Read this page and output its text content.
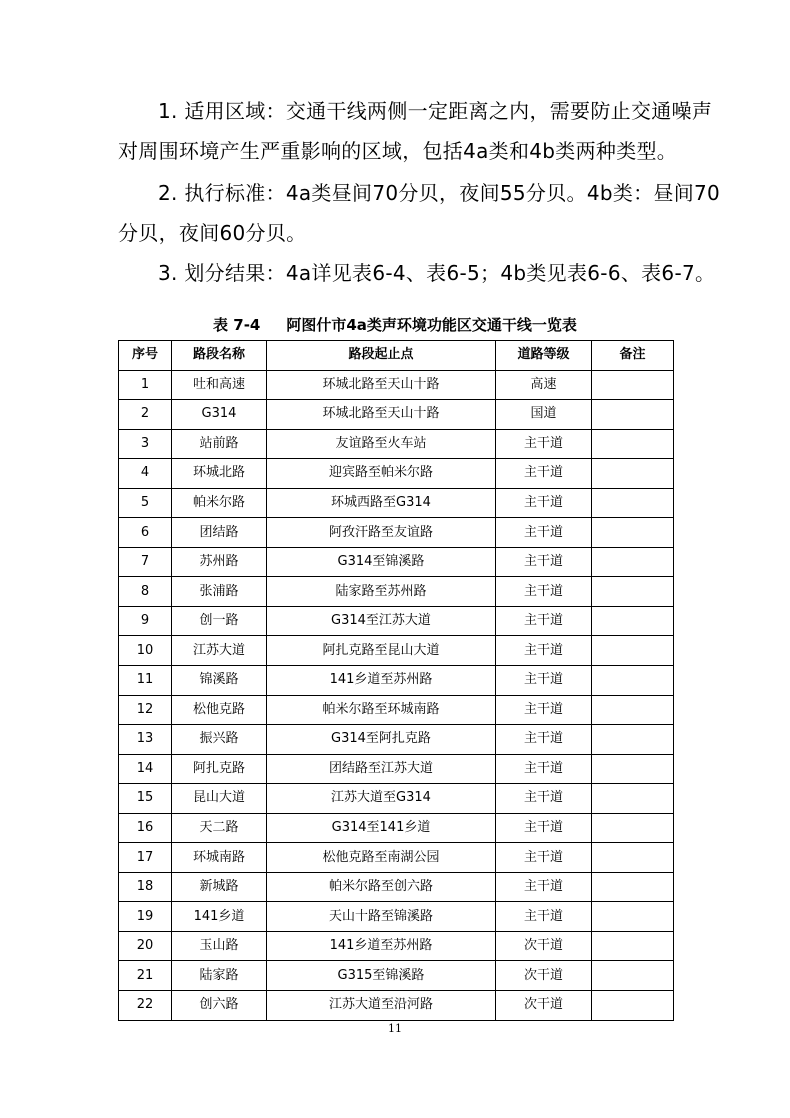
1. 适用区域：交通干线两侧一定距离之内，需要防止交通噪声
对周围环境产生严重影响的区域，包括4a类和4b类两种类型。
2. 执行标准：4a类昼间70分贝，夜间55分贝。4b类：昼间70
分贝，夜间60分贝。
3. 划分结果：4a详见表6-4、表6-5；4b类见表6-6、表6-7。
表 7-4 阿图什市4a类声环境功能区交通干线一览表
序号	路段名称	路段起止点	道路等级	备注
1	吐和高速	环城北路至天山十路	高速	
2	G314	环城北路至天山十路	国道	
3	站前路	友谊路至火车站	主干道	
4	环城北路	迎宾路至帕米尔路	主干道	
5	帕米尔路	环城西路至G314	主干道	
6	团结路	阿孜汗路至友谊路	主干道	
7	苏州路	G314至锦溪路	主干道	
8	张浦路	陆家路至苏州路	主干道	
9	创一路	G314至江苏大道	主干道	
10	江苏大道	阿扎克路至昆山大道	主干道	
11	锦溪路	141乡道至苏州路	主干道	
12	松他克路	帕米尔路至环城南路	主干道	
13	振兴路	G314至阿扎克路	主干道	
14	阿扎克路	团结路至江苏大道	主干道	
15	昆山大道	江苏大道至G314	主干道	
16	天二路	G314至141乡道	主干道	
17	环城南路	松他克路至南湖公园	主干道	
18	新城路	帕米尔路至创六路	主干道	
19	141乡道	天山十路至锦溪路	主干道	
20	玉山路	141乡道至苏州路	次干道	
21	陆家路	G315至锦溪路	次干道	
22	创六路	江苏大道至沿河路	次干道	
11
